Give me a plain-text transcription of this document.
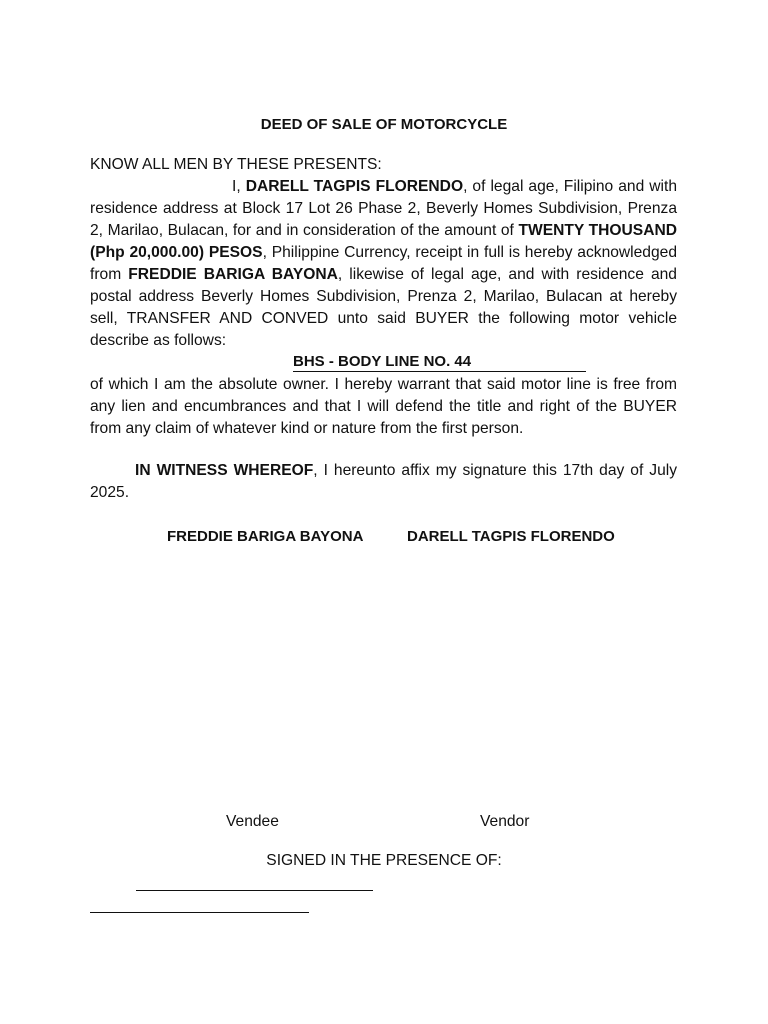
DEED OF SALE OF MOTORCYCLE
KNOW ALL MEN BY THESE PRESENTS:
I, DARELL TAGPIS FLORENDO, of legal age, Filipino and with residence address at Block 17 Lot 26 Phase 2, Beverly Homes Subdivision, Prenza 2, Marilao, Bulacan, for and in consideration of the amount of TWENTY THOUSAND (Php 20,000.00) PESOS, Philippine Currency, receipt in full is hereby acknowledged from FREDDIE BARIGA BAYONA, likewise of legal age, and with residence and postal address Beverly Homes Subdivision, Prenza 2, Marilao, Bulacan at hereby sell, TRANSFER AND CONVED unto said BUYER the following motor vehicle describe as follows:
BHS - BODY LINE NO. 44
of which I am the absolute owner. I hereby warrant that said motor line is free from any lien and encumbrances and that I will defend the title and right of the BUYER from any claim of whatever kind or nature from the first person.
IN WITNESS WHEREOF, I hereunto affix my signature this 17th day of July 2025.
FREDDIE BARIGA BAYONA	DARELL TAGPIS FLORENDO
Vendee	Vendor
SIGNED IN THE PRESENCE OF:
